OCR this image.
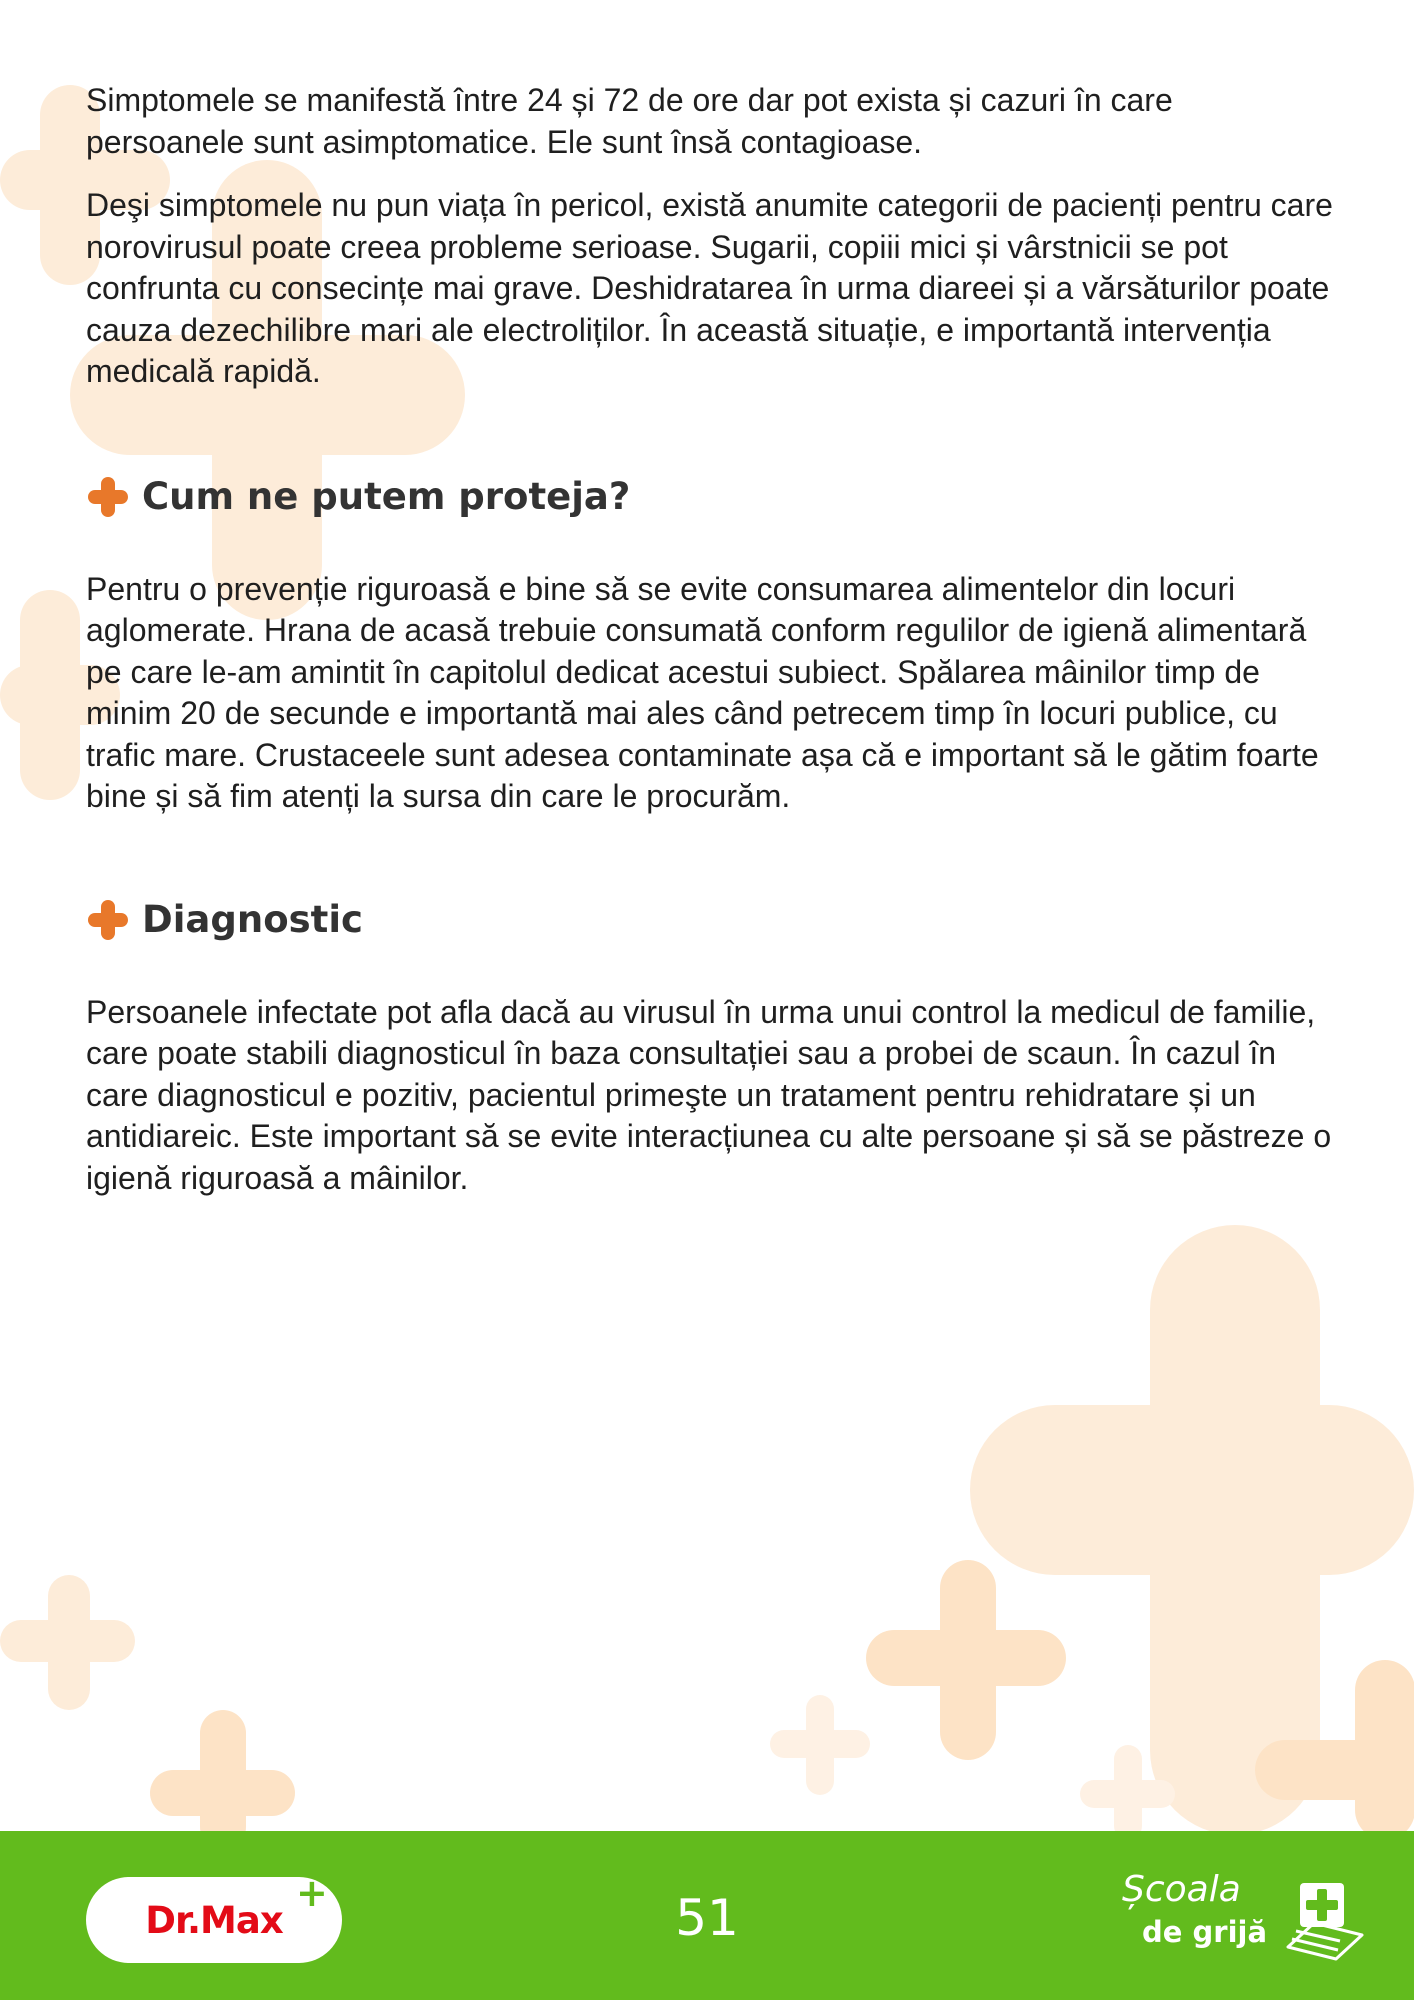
Simptomele se manifestă între 24 și 72 de ore dar pot exista și cazuri în care persoanele sunt asimptomatice. Ele sunt însă contagioase.

Deşi simptomele nu pun viața în pericol, există anumite categorii de pacienți pentru care norovirusul poate creea probleme serioase. Sugarii, copiii mici și vârstnicii se pot confrunta cu consecințe mai grave. Deshidratarea în urma diareei și a vărsăturilor poate cauza dezechilibre mari ale electroliților. În această situație, e importantă intervenția medicală rapidă.

Cum ne putem proteja?

Pentru o prevenție riguroasă e bine să se evite consumarea alimentelor din locuri aglomerate. Hrana de acasă trebuie consumată conform regulilor de igienă alimentară pe care le-am amintit în capitolul dedicat acestui subiect. Spălarea mâinilor timp de minim 20 de secunde e importantă mai ales când petrecem timp în locuri publice, cu trafic mare. Crustaceele sunt adesea contaminate așa că e important să le gătim foarte bine și să fim atenți la sursa din care le procurăm.

Diagnostic

Persoanele infectate pot afla dacă au virusul în urma unui control la medicul de familie, care poate stabili diagnosticul în baza consultației sau a probei de scaun. În cazul în care diagnosticul e pozitiv, pacientul primeşte un tratament pentru rehidratare și un antidiareic. Este important să se evite interacțiunea cu alte persoane și să se păstreze o igienă riguroasă a mâinilor.

Dr.Max
+	51	Școala
de grijă
